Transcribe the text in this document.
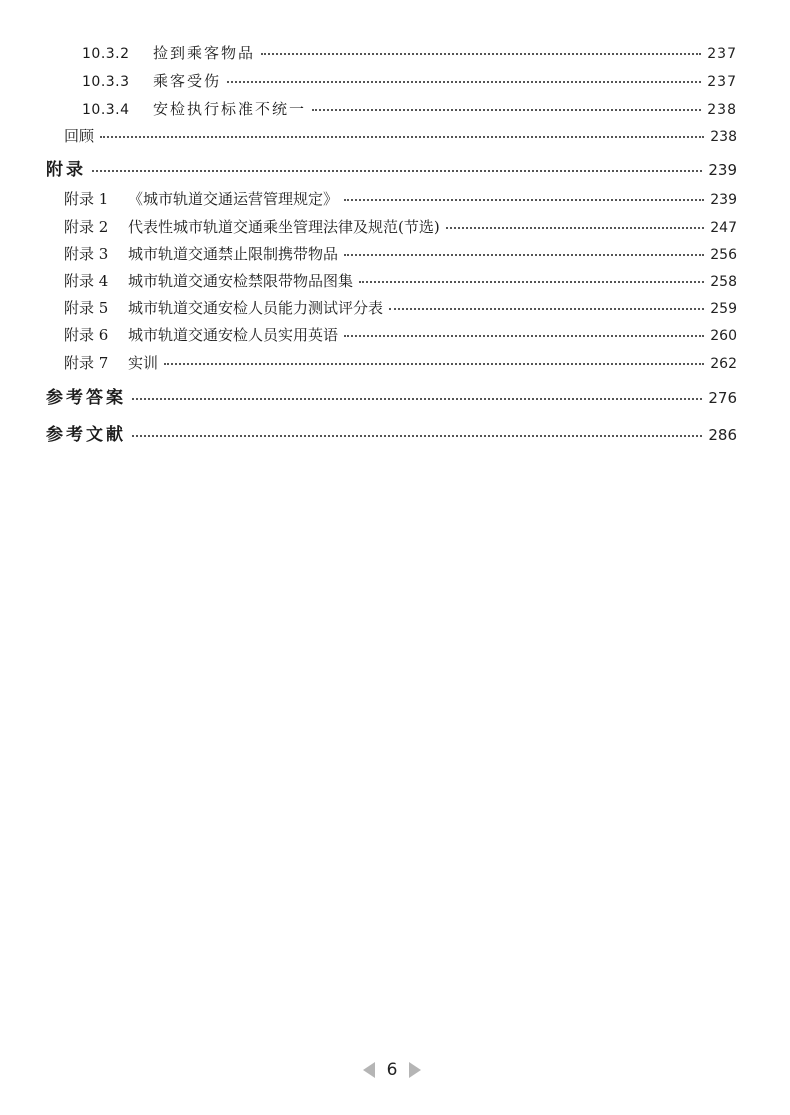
10.3.2	捡到乘客物品	237
10.3.3	乘客受伤	237
10.3.4	安检执行标准不统一	238
回顾	238
附录	239
附录 1	《城市轨道交通运营管理规定》	239
附录 2	代表性城市轨道交通乘坐管理法律及规范(节选)	247
附录 3	城市轨道交通禁止限制携带物品	256
附录 4	城市轨道交通安检禁限带物品图集	258
附录 5	城市轨道交通安检人员能力测试评分表	259
附录 6	城市轨道交通安检人员实用英语	260
附录 7	实训	262
参考答案	276
参考文献	286
6
